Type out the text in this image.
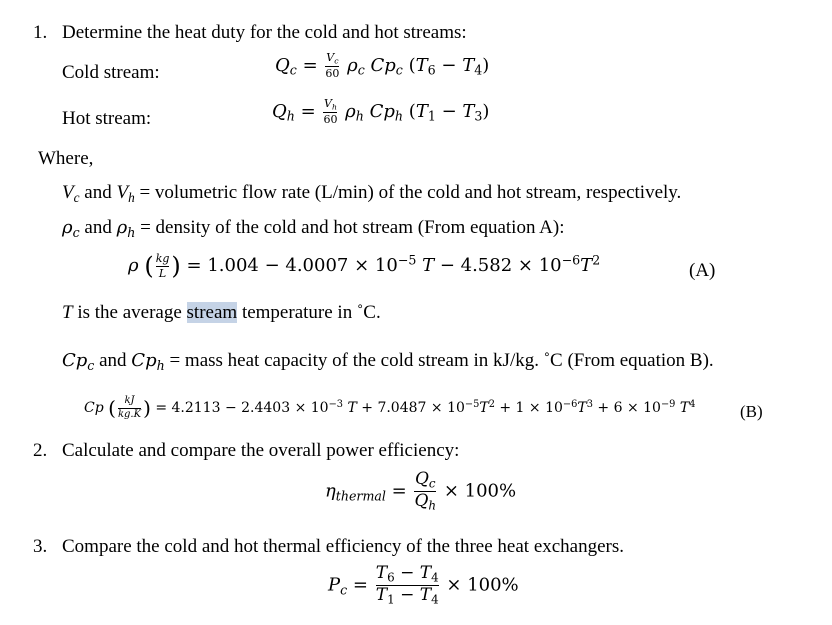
1. Determine the heat duty for the cold and hot streams:
Cold stream:	$Q_c = \frac{V_c}{60} \rho_c$ $Cp_c$ $(T_6 - T_4)$
Hot stream:	$Q_h = \frac{V_h}{60} \rho_h$ $Cp_h$ $(T_1 - T_3)$
Where,
$V_c$ and $V_h$ = volumetric flow rate (L/min) of the cold and hot stream, respectively.
$\rho_c$ and $\rho_h$ = density of the cold and hot stream (From equation A):
ρ ( $\frac{kg}{L}$ ) = $1.004 - 4.0007 \times 10^{-5}$ $T - 4.582 \times 10^{-6}T^2$	(A)
T is the average stream temperature in ˚C.
$Cp_c$ and $Cp_h$ = mass heat capacity of the cold stream in kJ/kg. ˚C (From equation B).
Cp ( $\frac{kJ}{kg.K}$ ) = $4.2113 - 2.4403 \times 10^{-3}$ $T + 7.0487 \times 10^{-5}T^2 + 1 \times 10^{-6}T^3 + 6 \times 10^{-9}$ $T^4$	(B)
2. Calculate and compare the overall power efficiency:
$\eta_{thermal} = \frac{Q_c}{Q_h} \times 100\%$
3. Compare the cold and hot thermal efficiency of the three heat exchangers.
$P_c = \frac{T_6 - T_4}{T_1 - T_4} \times 100\%$
